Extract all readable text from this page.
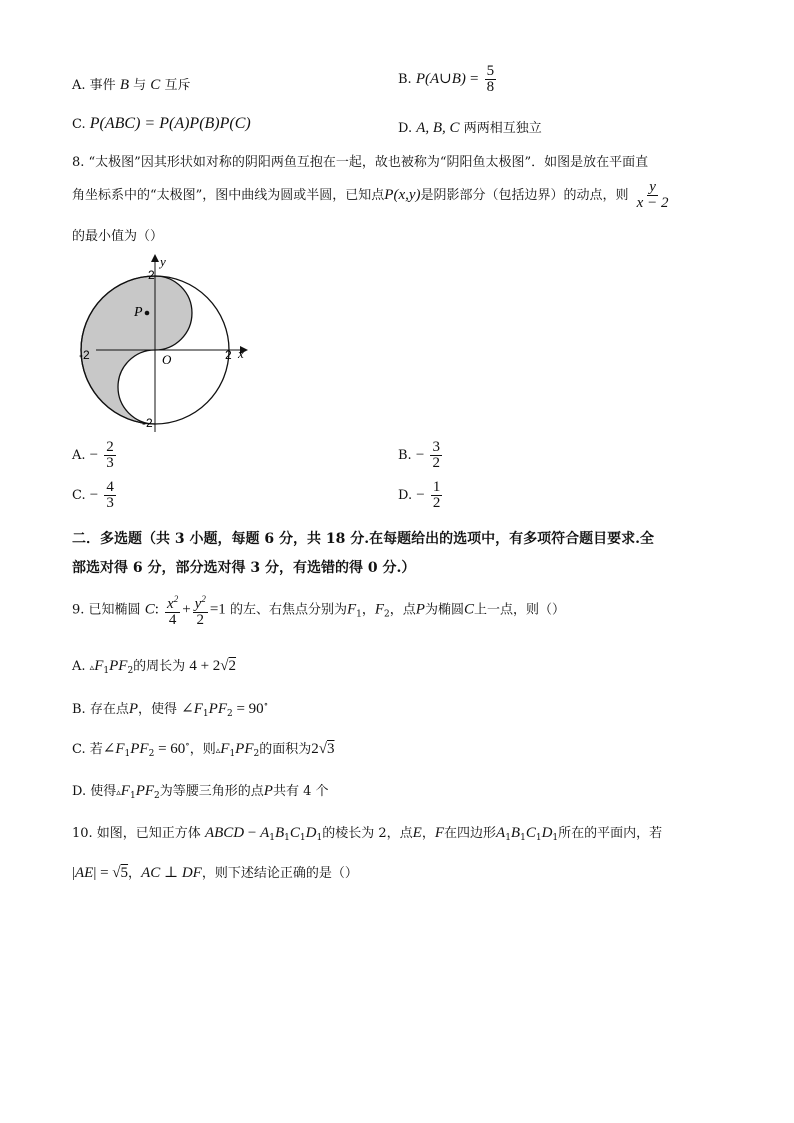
A. 事件 B 与 C 互斥	B. P(A∪B) = $\frac{5}{8}$
C. P(ABC) = P(A)P(B)P(C)	D. A, B, C 两两相互独立
8. “太极图”因其形状如对称的阴阳两鱼互抱在一起，故也被称为“阴阳鱼太极图”．如图是放在平面直
角坐标系中的“太极图”，图中曲线为圆或半圆，已知点P(x,y)是阴影部分（包括边界）的动点，则 $\frac{y}{x - 2}$
的最小值为（）
P
y
x
O
2
-2
-2	2
A. − $\frac{2}{3}$	B. − $\frac{3}{2}$
C. − $\frac{4}{3}$	D. − $\frac{1}{2}$
二．多选题（共 3 小题，每题 6 分，共 18 分.在每题给出的选项中，有多项符合题目要求.全
部选对得 6 分，部分选对得 3 分，有选错的得 0 分.）
9. 已知椭圆 C: $\frac{x^2}{4} + \frac{y^2}{2} =1$ 的左、右焦点分别为$F_1$，$F_2$，点P为椭圆C上一点，则（）
A. $▵F_1PF_2$的周长为 4 + 2√2
B. 存在点P，使得 $\angle F_1PF_2 = 90^\circ$
C. 若$\angle F_1PF_2 = 60^\circ$，则$▵F_1PF_2$的面积为2√3
D. 使得$▵F_1PF_2$为等腰三角形的点P共有 4 个
10. 如图，已知正方体 ABCD − $A_1B_1C_1D_1$的棱长为 2，点E，F在四边形$A_1B_1C_1D_1$所在的平面内，若
|AE| = √5，AC ⊥ DF，则下述结论正确的是（）
